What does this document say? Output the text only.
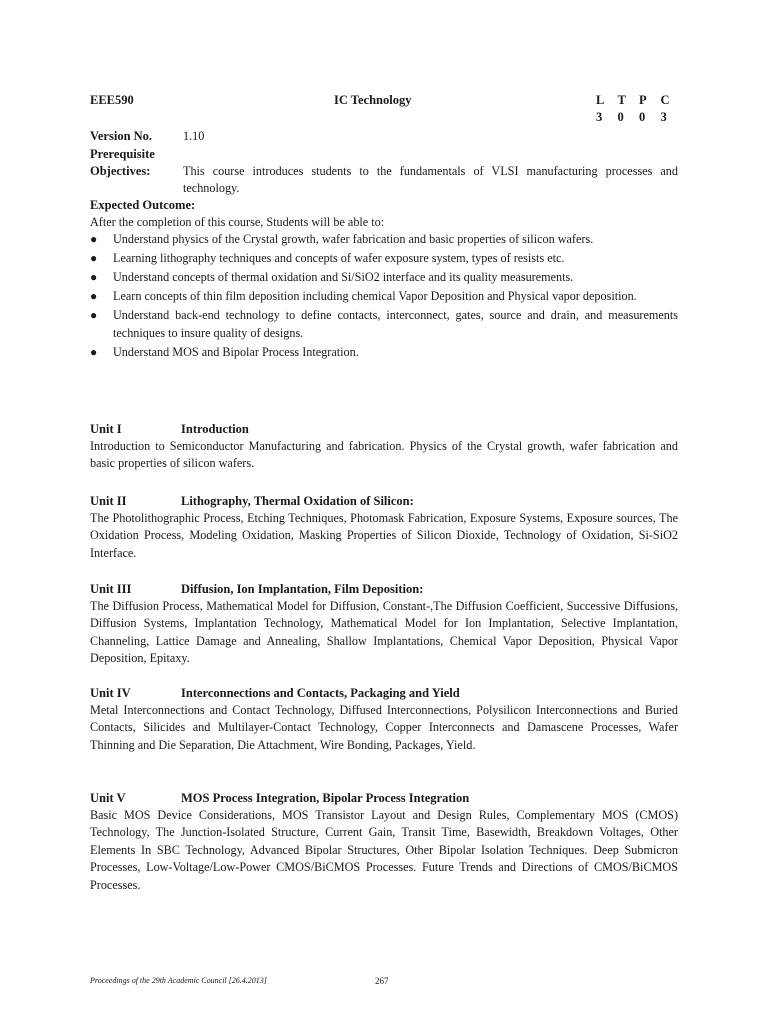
EEE590	IC Technology	L T P C
3 0 0 3
Version No.	1.10
Prerequisite
Objectives:	This course introduces students to the fundamentals of VLSI manufacturing processes and technology.
Expected Outcome:
After the completion of this course, Students will be able to:
● Understand physics of the Crystal growth, wafer fabrication and basic properties of silicon wafers.
● Learning lithography techniques and concepts of wafer exposure system, types of resists etc.
● Understand concepts of thermal oxidation and Si/SiO2 interface and its quality measurements.
● Learn concepts of thin film deposition including chemical Vapor Deposition and Physical vapor deposition.
● Understand back-end technology to define contacts, interconnect, gates, source and drain, and measurements techniques to insure quality of designs.
● Understand MOS and Bipolar Process Integration.
Unit I	Introduction
Introduction to Semiconductor Manufacturing and fabrication. Physics of the Crystal growth, wafer fabrication and basic properties of silicon wafers.
Unit II	Lithography, Thermal Oxidation of Silicon:
The Photolithographic Process, Etching Techniques, Photomask Fabrication, Exposure Systems, Exposure sources, The Oxidation Process, Modeling Oxidation, Masking Properties of Silicon Dioxide, Technology of Oxidation, Si-SiO2 Interface.
Unit III	Diffusion, Ion Implantation, Film Deposition:
The Diffusion Process, Mathematical Model for Diffusion, Constant-,The Diffusion Coefficient, Successive Diffusions, Diffusion Systems, Implantation Technology, Mathematical Model for Ion Implantation, Selective Implantation, Channeling, Lattice Damage and Annealing, Shallow Implantations, Chemical Vapor Deposition, Physical Vapor Deposition, Epitaxy.
Unit IV	Interconnections and Contacts, Packaging and Yield
Metal Interconnections and Contact Technology, Diffused Interconnections, Polysilicon Interconnections and Buried Contacts, Silicides and Multilayer-Contact Technology, Copper Interconnects and Damascene Processes, Wafer Thinning and Die Separation, Die Attachment, Wire Bonding, Packages, Yield.
Unit V	MOS Process Integration, Bipolar Process Integration
Basic MOS Device Considerations, MOS Transistor Layout and Design Rules, Complementary MOS (CMOS) Technology, The Junction-Isolated Structure, Current Gain, Transit Time, Basewidth, Breakdown Voltages, Other Elements In SBC Technology, Advanced Bipolar Structures, Other Bipolar Isolation Techniques. Deep Submicron Processes, Low-Voltage/Low-Power CMOS/BiCMOS Processes. Future Trends and Directions of CMOS/BiCMOS Processes.
Proceedings of the 29th Academic Council [26.4.2013]	267
